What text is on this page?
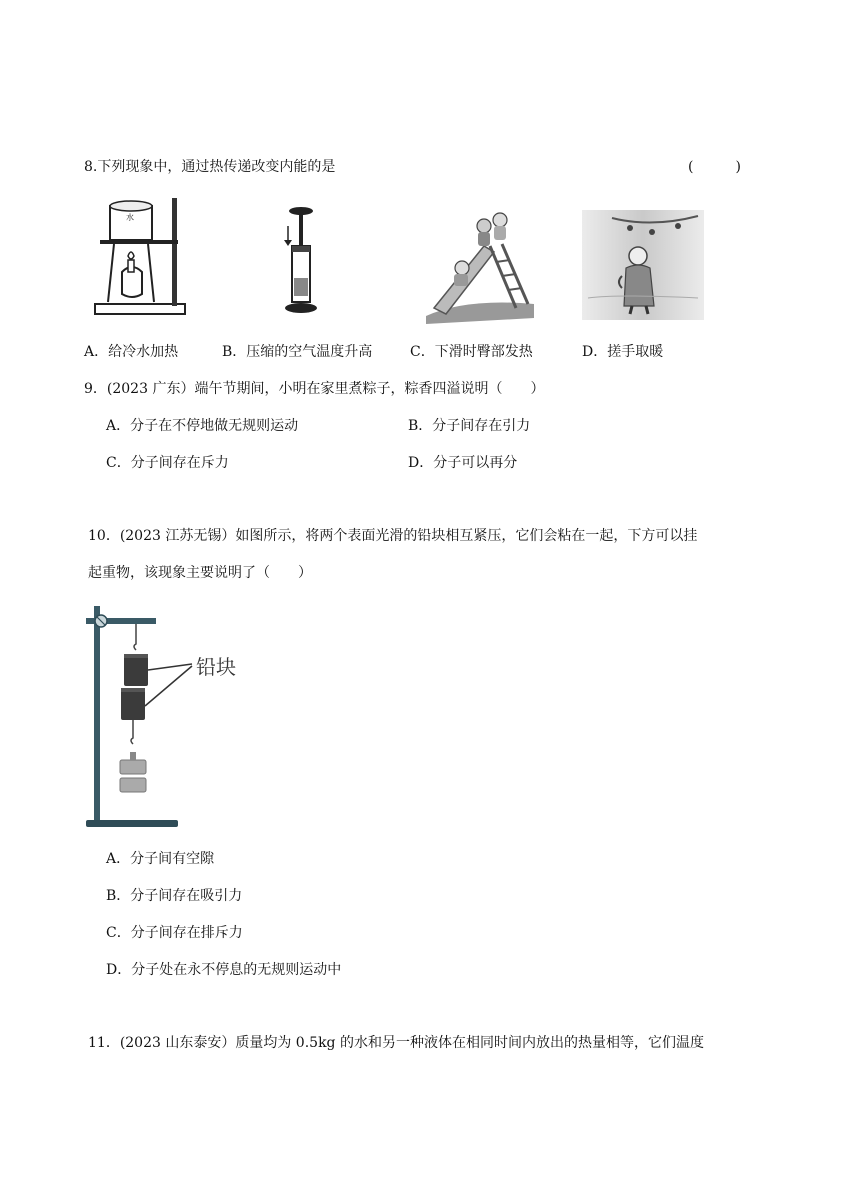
8.下列现象中，通过热传递改变内能的是	(　　　)
水
A．给冷水加热	B．压缩的空气温度升高	C．下滑时臀部发热	D．搓手取暖
9．(2023 广东）端午节期间，小明在家里煮粽子，粽香四溢说明（　　）
A．分子在不停地做无规则运动	B．分子间存在引力
C．分子间存在斥力	D．分子可以再分
10．(2023 江苏无锡）如图所示，将两个表面光滑的铅块相互紧压，它们会粘在一起，下方可以挂
起重物，该现象主要说明了（　　）
铅块
A．分子间有空隙
B．分子间存在吸引力
C．分子间存在排斥力
D．分子处在永不停息的无规则运动中
11．(2023 山东泰安）质量均为 0.5kg 的水和另一种液体在相同时间内放出的热量相等，它们温度
